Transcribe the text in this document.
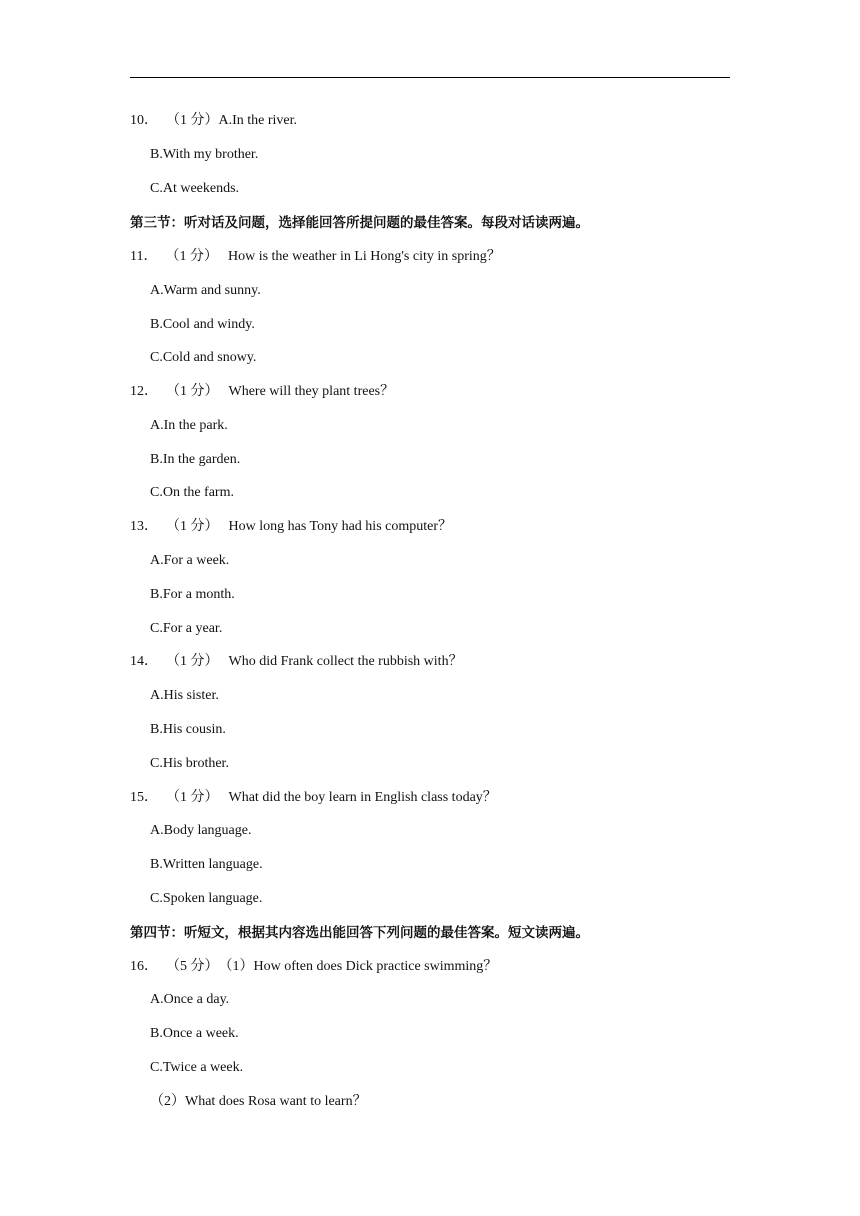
10． （1 分）A.In the river.
B.With my brother.
C.At weekends.
第三节：听对话及问题，选择能回答所提问题的最佳答案。每段对话读两遍。
11． （1 分） How is the weather in Li Hong's city in spring？
A.Warm and sunny.
B.Cool and windy.
C.Cold and snowy.
12． （1 分） Where will they plant trees？
A.In the park.
B.In the garden.
C.On the farm.
13． （1 分） How long has Tony had his computer？
A.For a week.
B.For a month.
C.For a year.
14． （1 分） Who did Frank collect the rubbish with？
A.His sister.
B.His cousin.
C.His brother.
15． （1 分） What did the boy learn in English class today？
A.Body language.
B.Written language.
C.Spoken language.
第四节：听短文，根据其内容选出能回答下列问题的最佳答案。短文读两遍。
16． （5 分）（1）How often does Dick practice swimming？
A.Once a day.
B.Once a week.
C.Twice a week.
（2）What does Rosa want to learn？
